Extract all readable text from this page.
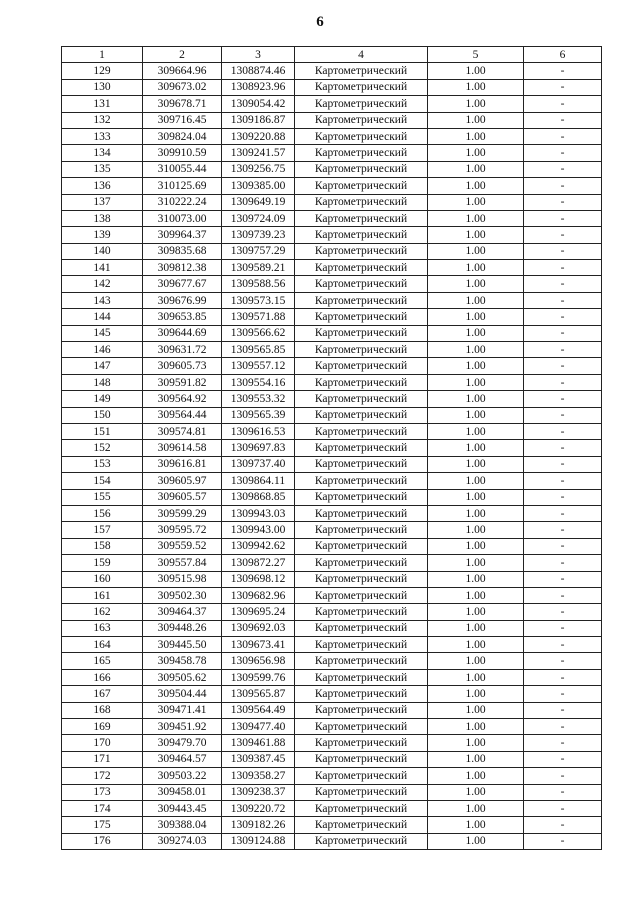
6
1	2	3	4	5	6
129	309664.96	1308874.46	Картометрический	1.00	-
130	309673.02	1308923.96	Картометрический	1.00	-
131	309678.71	1309054.42	Картометрический	1.00	-
132	309716.45	1309186.87	Картометрический	1.00	-
133	309824.04	1309220.88	Картометрический	1.00	-
134	309910.59	1309241.57	Картометрический	1.00	-
135	310055.44	1309256.75	Картометрический	1.00	-
136	310125.69	1309385.00	Картометрический	1.00	-
137	310222.24	1309649.19	Картометрический	1.00	-
138	310073.00	1309724.09	Картометрический	1.00	-
139	309964.37	1309739.23	Картометрический	1.00	-
140	309835.68	1309757.29	Картометрический	1.00	-
141	309812.38	1309589.21	Картометрический	1.00	-
142	309677.67	1309588.56	Картометрический	1.00	-
143	309676.99	1309573.15	Картометрический	1.00	-
144	309653.85	1309571.88	Картометрический	1.00	-
145	309644.69	1309566.62	Картометрический	1.00	-
146	309631.72	1309565.85	Картометрический	1.00	-
147	309605.73	1309557.12	Картометрический	1.00	-
148	309591.82	1309554.16	Картометрический	1.00	-
149	309564.92	1309553.32	Картометрический	1.00	-
150	309564.44	1309565.39	Картометрический	1.00	-
151	309574.81	1309616.53	Картометрический	1.00	-
152	309614.58	1309697.83	Картометрический	1.00	-
153	309616.81	1309737.40	Картометрический	1.00	-
154	309605.97	1309864.11	Картометрический	1.00	-
155	309605.57	1309868.85	Картометрический	1.00	-
156	309599.29	1309943.03	Картометрический	1.00	-
157	309595.72	1309943.00	Картометрический	1.00	-
158	309559.52	1309942.62	Картометрический	1.00	-
159	309557.84	1309872.27	Картометрический	1.00	-
160	309515.98	1309698.12	Картометрический	1.00	-
161	309502.30	1309682.96	Картометрический	1.00	-
162	309464.37	1309695.24	Картометрический	1.00	-
163	309448.26	1309692.03	Картометрический	1.00	-
164	309445.50	1309673.41	Картометрический	1.00	-
165	309458.78	1309656.98	Картометрический	1.00	-
166	309505.62	1309599.76	Картометрический	1.00	-
167	309504.44	1309565.87	Картометрический	1.00	-
168	309471.41	1309564.49	Картометрический	1.00	-
169	309451.92	1309477.40	Картометрический	1.00	-
170	309479.70	1309461.88	Картометрический	1.00	-
171	309464.57	1309387.45	Картометрический	1.00	-
172	309503.22	1309358.27	Картометрический	1.00	-
173	309458.01	1309238.37	Картометрический	1.00	-
174	309443.45	1309220.72	Картометрический	1.00	-
175	309388.04	1309182.26	Картометрический	1.00	-
176	309274.03	1309124.88	Картометрический	1.00	-
